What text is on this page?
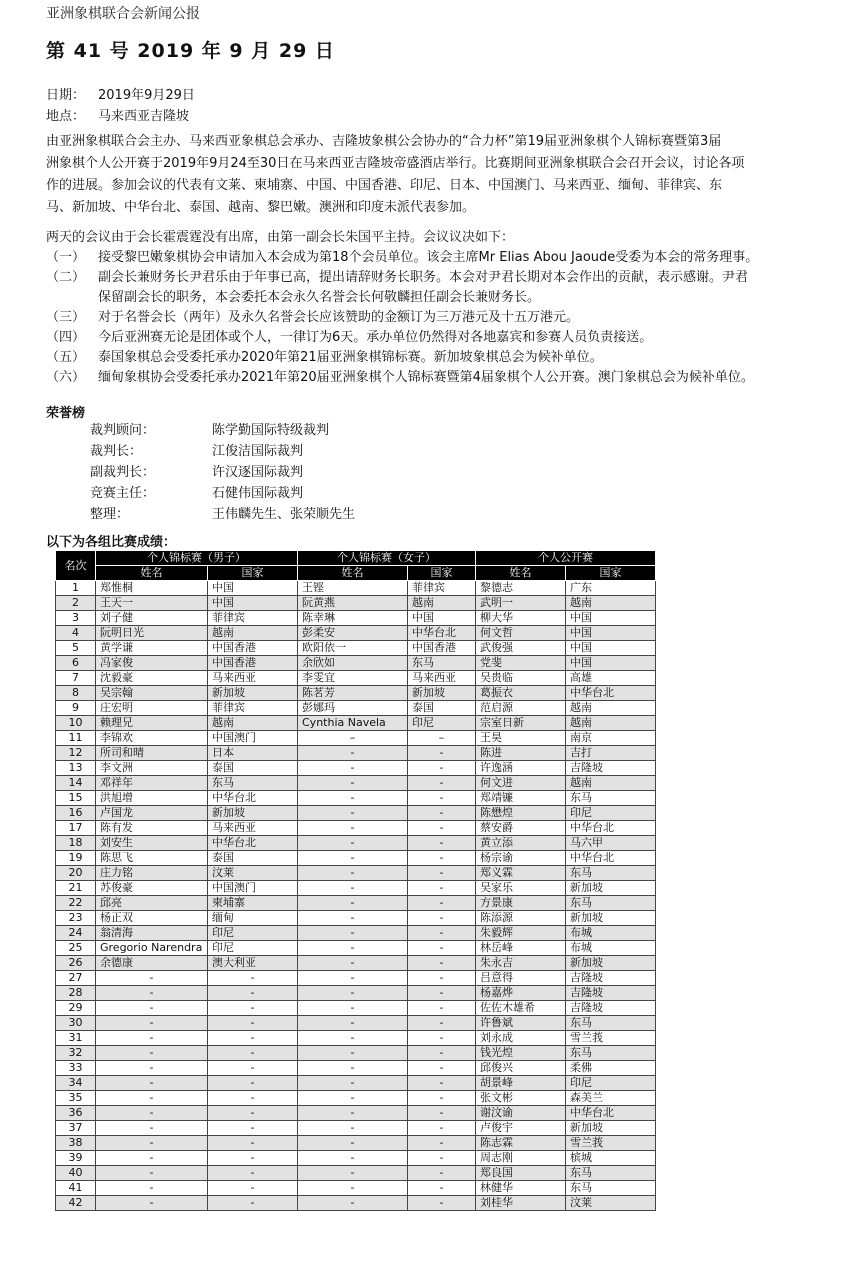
亚洲象棋联合会新闻公报
第 41 号 2019 年 9 月 29 日
日期： 2019年9月29日
地点： 马来西亚吉隆坡
由亚洲象棋联合会主办、马来西亚象棋总会承办、吉隆坡象棋公会协办的“合力杯”第19届亚洲象棋个人锦标赛暨第3届
洲象棋个人公开赛于2019年9月24至30日在马来西亚吉隆坡帝盛酒店举行。比赛期间亚洲象棋联合会召开会议，讨论各项
作的进展。参加会议的代表有文莱、柬埔寨、中国、中国香港、印尼、日本、中国澳门、马来西亚、缅甸、菲律宾、东
马、新加坡、中华台北、泰国、越南、黎巴嫩。澳洲和印度未派代表参加。
两天的会议由于会长霍震霆没有出席，由第一副会长朱国平主持。会议议决如下：
（一） 接受黎巴嫩象棋协会申请加入本会成为第18个会员单位。该会主席Mr Elias Abou Jaoude受委为本会的常务理事。
（二） 副会长兼财务长尹君乐由于年事已高，提出请辞财务长职务。本会对尹君长期对本会作出的贡献，表示感谢。尹君
保留副会长的职务，本会委托本会永久名誉会长何敬麟担任副会长兼财务长。
（三） 对于名誉会长（两年）及永久名誉会长应该赞助的金额订为三万港元及十五万港元。
（四） 今后亚洲赛无论是团体或个人，一律订为6天。承办单位仍然得对各地嘉宾和参赛人员负责接送。
（五） 泰国象棋总会受委托承办2020年第21届亚洲象棋锦标赛。新加坡象棋总会为候补单位。
（六） 缅甸象棋协会受委托承办2021年第20届亚洲象棋个人锦标赛暨第4届象棋个人公开赛。澳门象棋总会为候补单位。
荣誉榜
裁判顾问：	陈学勤国际特级裁判
裁判长：	江俊洁国际裁判
副裁判长：	许汉逐国际裁判
竞赛主任：	石健伟国际裁判
整理：	王伟麟先生、张荣顺先生
以下为各组比赛成绩：
名次	个人锦标赛（男子）		个人锦标赛（女子）		个人公开赛	
	姓名	国家	姓名	国家	姓名	国家
1	郑惟桐	中国	王铿	菲律宾	黎德志	广东
2	王天一	中国	阮黄燕	越南	武明一	越南
3	刘子健	菲律宾	陈幸琳	中国	柳大华	中国
4	阮明日光	越南	彭柔安	中华台北	何文哲	中国
5	黄学谦	中国香港	欧阳依一	中国香港	武俊强	中国
6	冯家俊	中国香港	余欣如	东马	党斐	中国
7	沈毅豪	马来西亚	李雯宜	马来西亚	吴贵临	高雄
8	吴宗翰	新加坡	陈茗芳	新加坡	葛振衣	中华台北
9	庄宏明	菲律宾	彭娜玛	泰国	范启源	越南
10	赖理兄	越南	Cynthia Navela	印尼	宗室日新	越南
11	李锦欢	中国澳门	–	–	王昊	南京
12	所司和晴	日本	-	-	陈进	吉打
13	李文洲	泰国	-	-	许逸涵	吉隆坡
14	邓祥年	东马	-	-	何文进	越南
15	洪旭增	中华台北	-	-	郑靖镰	东马
16	卢国龙	新加坡	-	-	陈懋煌	印尼
17	陈有发	马来西亚	-	-	蔡安爵	中华台北
18	刘安生	中华台北	-	-	黄立添	马六甲
19	陈思飞	泰国	-	-	杨宗谕	中华台北
20	庄力铭	汶莱	-	-	郑义霖	东马
21	苏俊豪	中国澳门	-	-	吴家乐	新加坡
22	邱亮	柬埔寨	-	-	方景康	东马
23	杨正双	缅甸	-	-	陈添源	新加坡
24	翁清海	印尼	-	-	朱毅辉	布城
25	Gregorio Narendra	印尼	-	-	林岳峰	布城
26	余德康	澳大利亚	-	-	朱永吉	新加坡
27	-	-	-	-	吕意得	吉隆坡
28	-	-	-	-	杨嘉烨	吉隆坡
29	-	-	-	-	佐佐木雄希	吉隆坡
30	-	-	-	-	许鲁斌	东马
31	-	-	-	-	刘永成	雪兰莪
32	-	-	-	-	钱光煌	东马
33	-	-	-	-	邱俊兴	柔佛
34	-	-	-	-	胡景峰	印尼
35	-	-	-	-	张文彬	森美兰
36	-	-	-	-	谢汶谕	中华台北
37	-	-	-	-	卢俊宇	新加坡
38	-	-	-	-	陈志霖	雪兰莪
39	-	-	-	-	周志刚	槟城
40	-	-	-	-	郑良国	东马
41	-	-	-	-	林健华	东马
42	-	-	-	-	刘桂华	汶莱
